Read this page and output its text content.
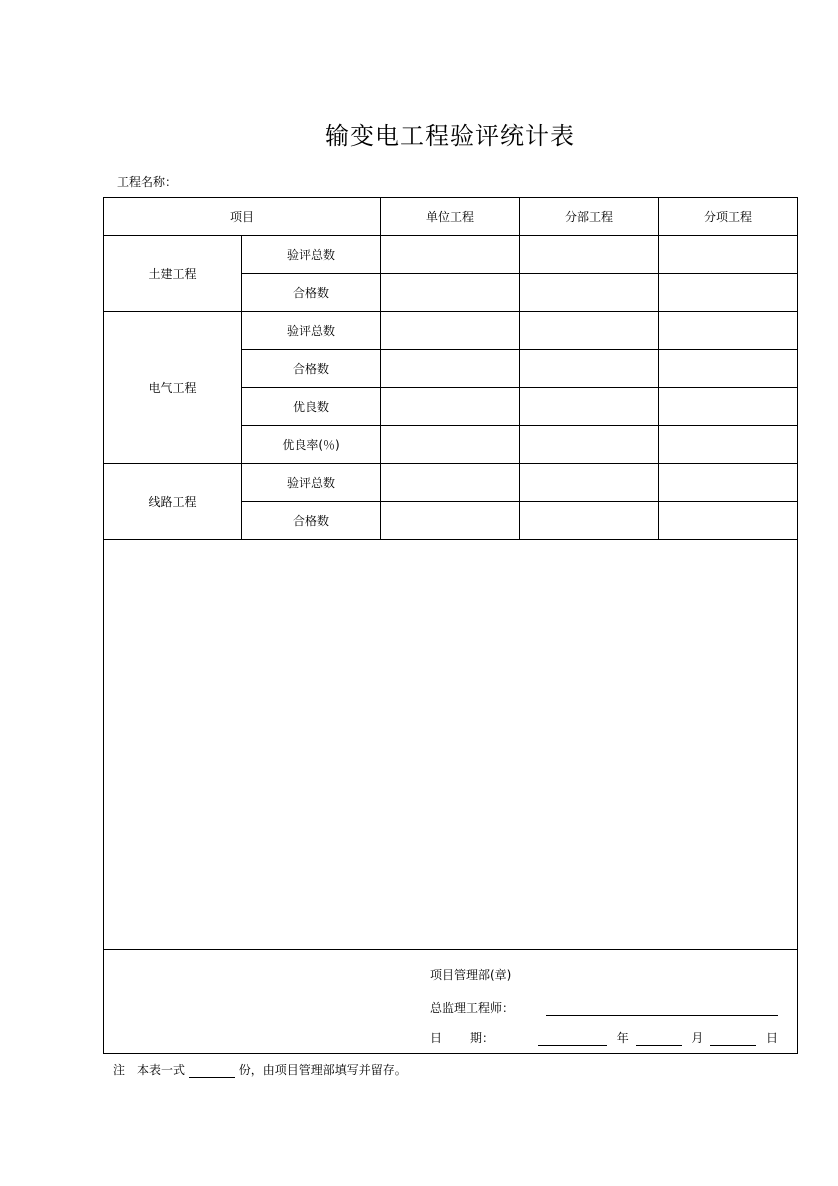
输变电工程验评统计表
工程名称：
项目		单位工程	分部工程	分项工程
土建工程	验评总数			
	合格数			
电气工程	验评总数			
	合格数			
	优良数			
	优良率(％)			
线路工程	验评总数			
	合格数			

项目管理部(章)
总监理工程师：
日 期： 年 月 日				
注 本表一式	份，由项目管理部填写并留存。
